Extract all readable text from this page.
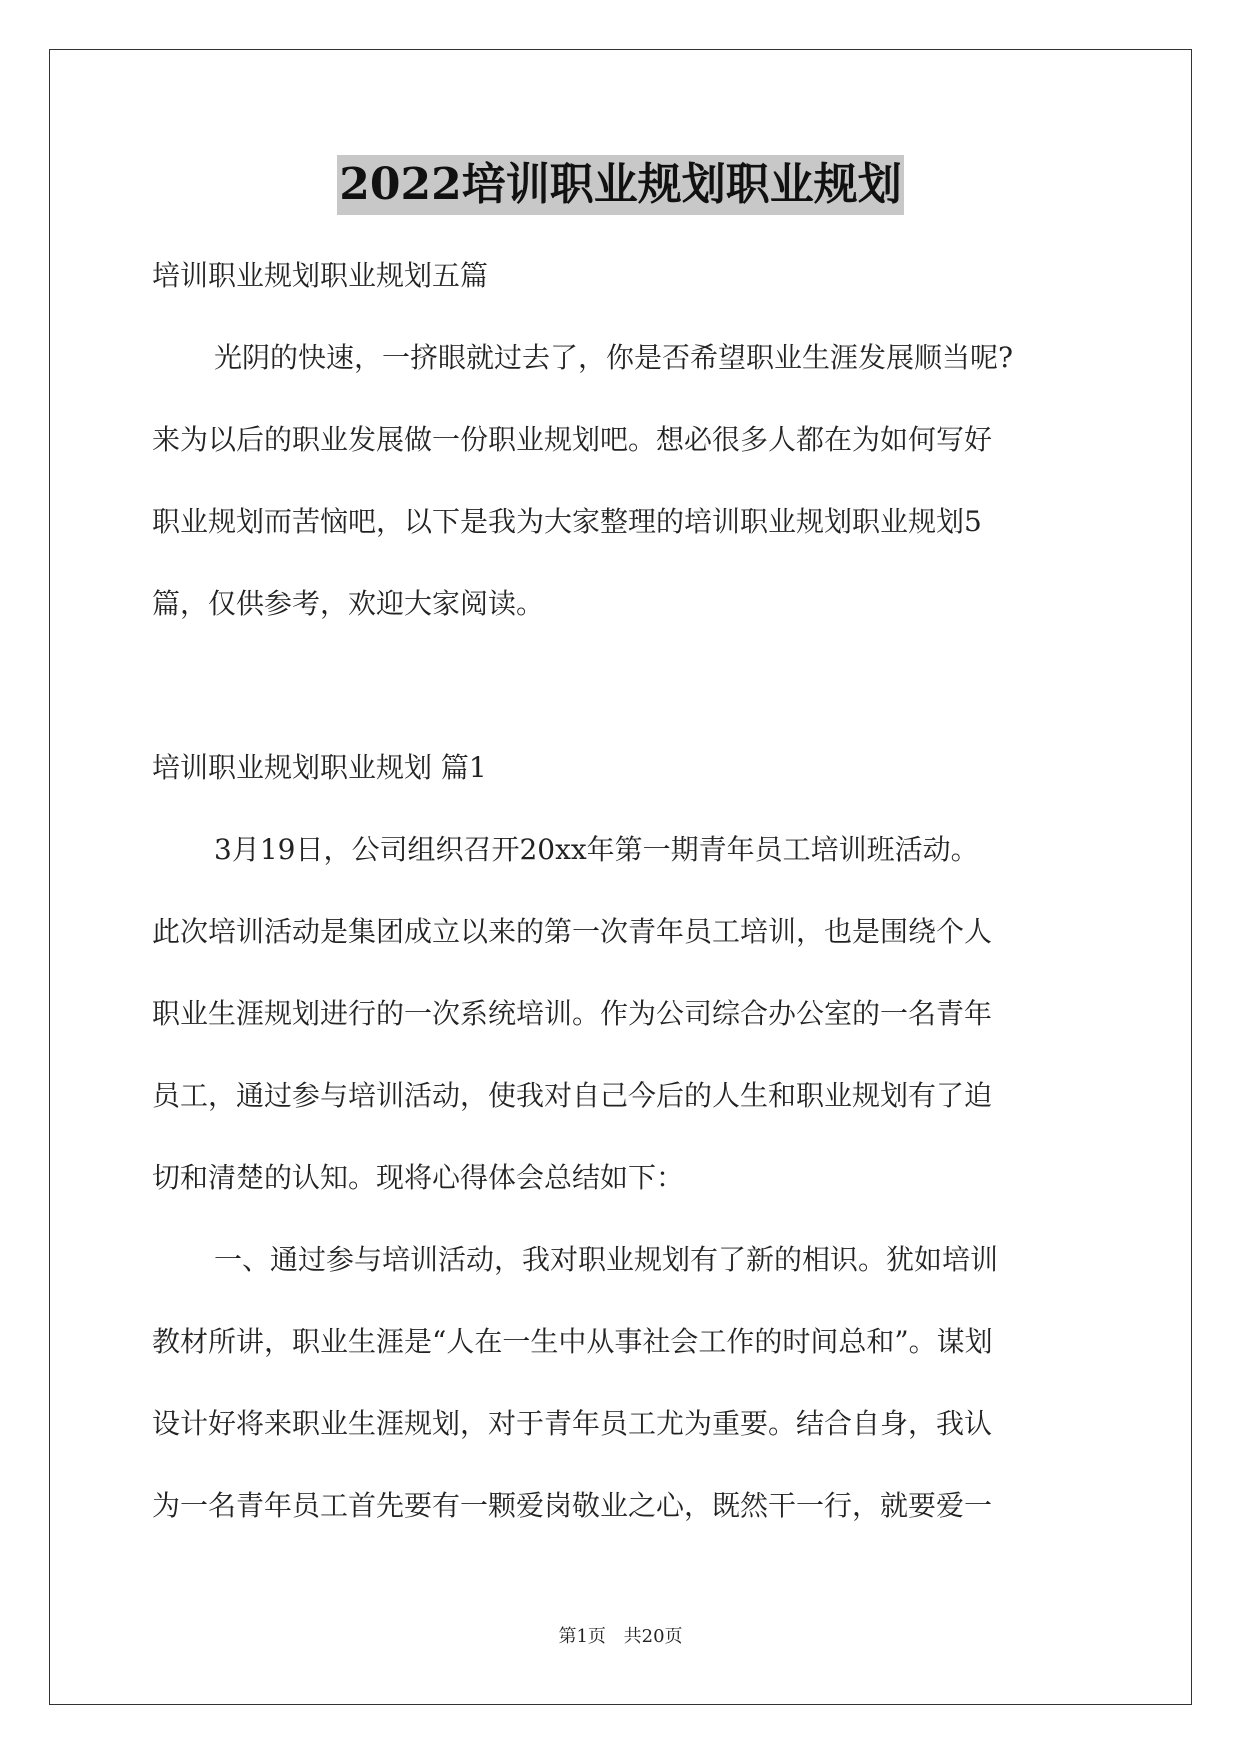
2022培训职业规划职业规划
培训职业规划职业规划五篇
光阴的快速，一挤眼就过去了，你是否希望职业生涯发展顺当呢?
来为以后的职业发展做一份职业规划吧。想必很多人都在为如何写好
职业规划而苦恼吧，以下是我为大家整理的培训职业规划职业规划5
篇，仅供参考，欢迎大家阅读。
培训职业规划职业规划 篇1
3月19日，公司组织召开20xx年第一期青年员工培训班活动。
此次培训活动是集团成立以来的第一次青年员工培训，也是围绕个人
职业生涯规划进行的一次系统培训。作为公司综合办公室的一名青年
员工，通过参与培训活动，使我对自己今后的人生和职业规划有了迫
切和清楚的认知。现将心得体会总结如下：
一、通过参与培训活动，我对职业规划有了新的相识。犹如培训
教材所讲，职业生涯是“人在一生中从事社会工作的时间总和”。谋划
设计好将来职业生涯规划，对于青年员工尤为重要。结合自身，我认
为一名青年员工首先要有一颗爱岗敬业之心，既然干一行，就要爱一
第1页 共20页
